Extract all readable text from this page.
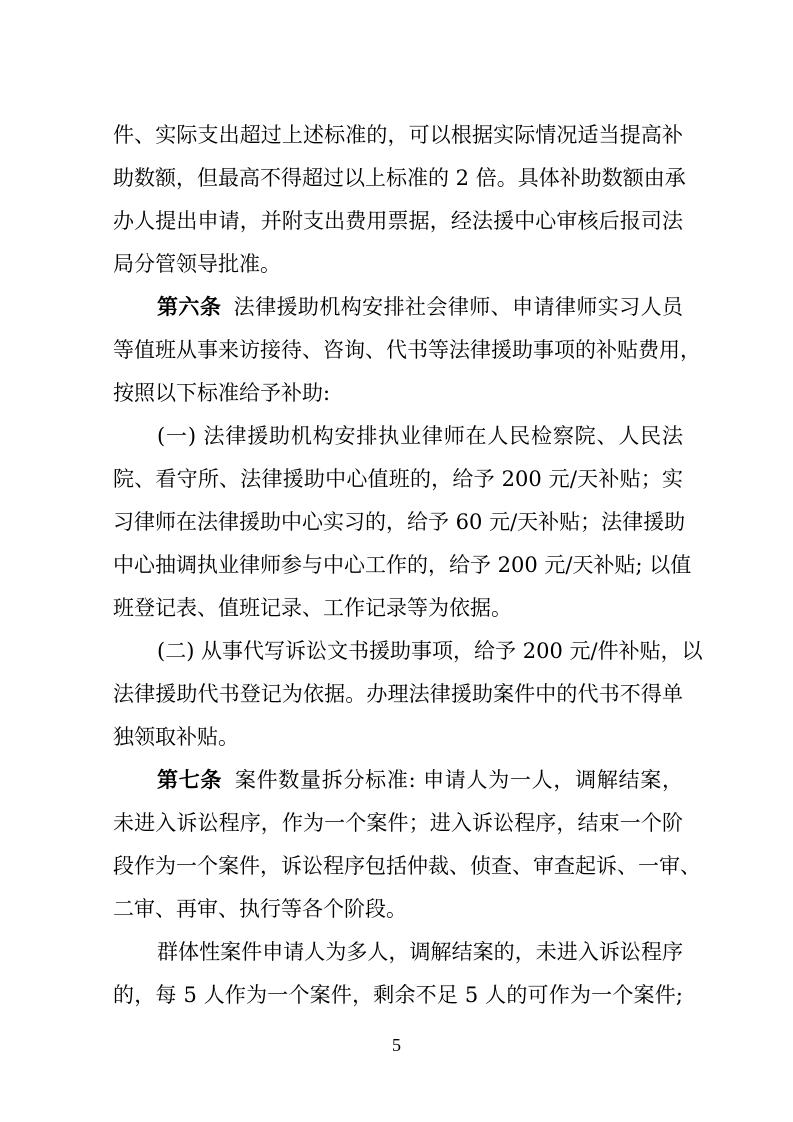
件、实际支出超过上述标准的，可以根据实际情况适当提高补
助数额，但最高不得超过以上标准的 2 倍。具体补助数额由承
办人提出申请，并附支出费用票据，经法援中心审核后报司法
局分管领导批准。
第六条 法律援助机构安排社会律师、申请律师实习人员
等值班从事来访接待、咨询、代书等法律援助事项的补贴费用，
按照以下标准给予补助:
(一) 法律援助机构安排执业律师在人民检察院、人民法
院、看守所、法律援助中心值班的，给予 200 元/天补贴；实
习律师在法律援助中心实习的，给予 60 元/天补贴；法律援助
中心抽调执业律师参与中心工作的，给予 200 元/天补贴; 以值
班登记表、值班记录、工作记录等为依据。
(二) 从事代写诉讼文书援助事项，给予 200 元/件补贴，以
法律援助代书登记为依据。办理法律援助案件中的代书不得单
独领取补贴。
第七条 案件数量拆分标准: 申请人为一人，调解结案，
未进入诉讼程序，作为一个案件；进入诉讼程序，结束一个阶
段作为一个案件，诉讼程序包括仲裁、侦查、审查起诉、一审、
二审、再审、执行等各个阶段。
群体性案件申请人为多人，调解结案的，未进入诉讼程序
的，每 5 人作为一个案件，剩余不足 5 人的可作为一个案件;
5
